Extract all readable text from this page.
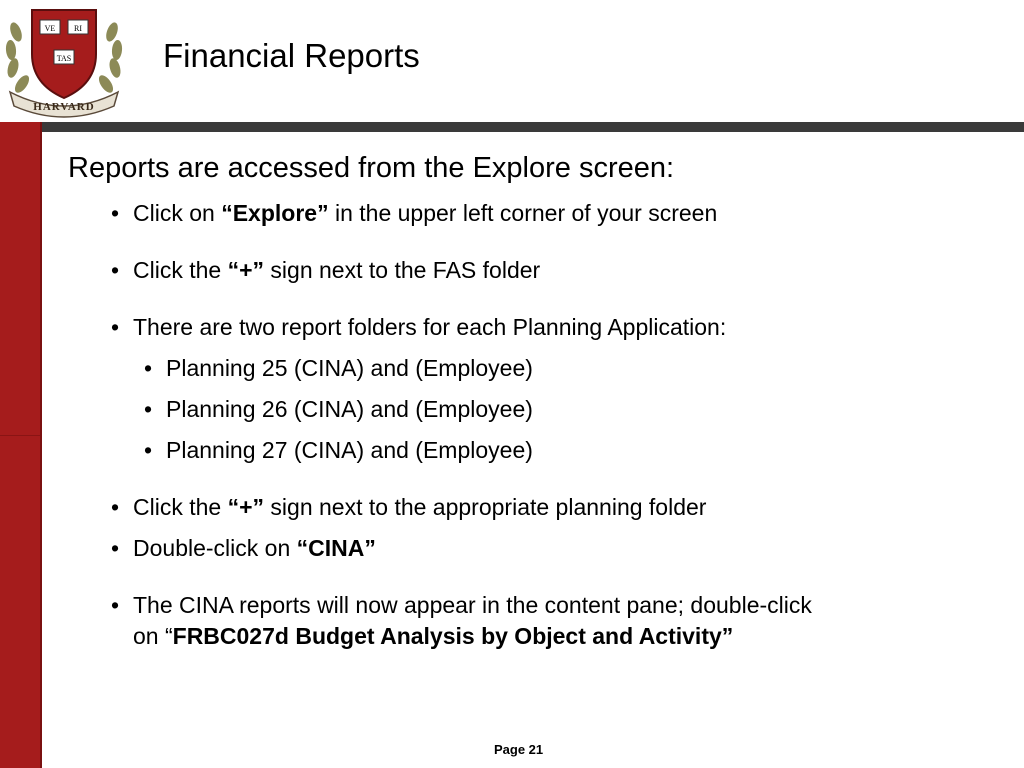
VE RI
TAS
HARVARD
Financial Reports
Reports are accessed from the Explore screen:
• Click on “Explore” in the upper left corner of your screen
• Click the “+” sign next to the FAS folder
• There are two report folders for each Planning Application:
• Planning 25 (CINA) and (Employee)
• Planning 26 (CINA) and (Employee)
• Planning 27 (CINA) and (Employee)
• Click the “+” sign next to the appropriate planning folder
• Double-click on “CINA”
• The CINA reports will now appear in the content pane; double-click
on “FRBC027d Budget Analysis by Object and Activity”
Page 21
